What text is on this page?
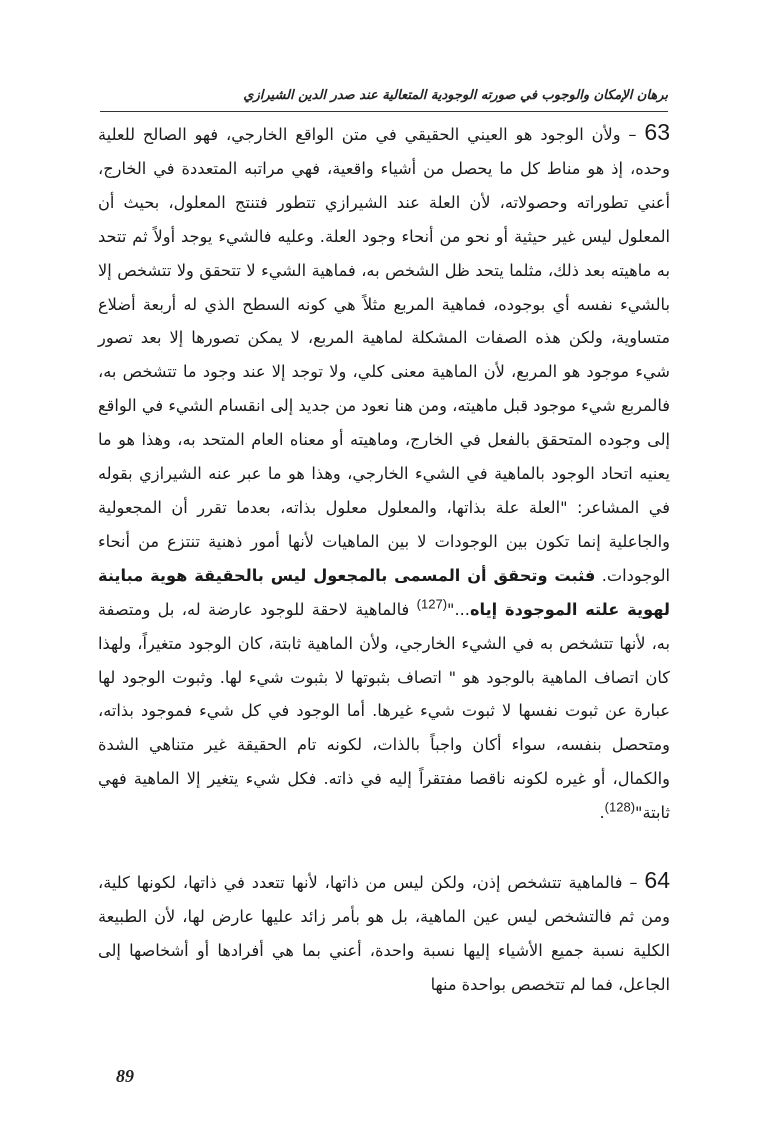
برهان الإمكان والوجوب في صورته الوجودية المتعالية عند صدر الدين الشيرازي

63 – ولأن الوجود هو العيني الحقيقي في متن الواقع الخارجي، فهو الصالح للعلية وحده، إذ هو مناط كل ما يحصل من أشياء واقعية، فهي مراتبه المتعددة في الخارج، أعني تطوراته وحصولاته، لأن العلة عند الشيرازي تتطور فتنتج المعلول، بحيث أن المعلول ليس غير حيثية أو نحو من أنحاء وجود العلة. وعليه فالشيء يوجد أولاً ثم تتحد به ماهيته بعد ذلك، مثلما يتحد ظل الشخص به، فماهية الشيء لا تتحقق ولا تتشخص إلا بالشيء نفسه أي بوجوده، فماهية المربع مثلاً هي كونه السطح الذي له أربعة أضلاع متساوية، ولكن هذه الصفات المشكلة لماهية المربع، لا يمكن تصورها إلا بعد تصور شيء موجود هو المربع، لأن الماهية معنى كلي، ولا توجد إلا عند وجود ما تتشخص به، فالمربع شيء موجود قبل ماهيته، ومن هنا نعود من جديد إلى انقسام الشيء في الواقع إلى وجوده المتحقق بالفعل في الخارج، وماهيته أو معناه العام المتحد به، وهذا هو ما يعنيه اتحاد الوجود بالماهية في الشيء الخارجي، وهذا هو ما عبر عنه الشيرازي بقوله في المشاعر: "العلة علة بذاتها، والمعلول معلول بذاته، بعدما تقرر أن المجعولية والجاعلية إنما تكون بين الوجودات لا بين الماهيات لأنها أمور ذهنية تنتزع من أنحاء الوجودات. فثبت وتحقق أن المسمى بالمجعول ليس بالحقيقة هوية مباينة لهوية علته الموجودة إياه..."$^{(127)}$ فالماهية لاحقة للوجود عارضة له، بل ومتصفة به، لأنها تتشخص به في الشيء الخارجي، ولأن الماهية ثابتة، كان الوجود متغيراً، ولهذا كان اتصاف الماهية بالوجود هو " اتصاف بثبوتها لا بثبوت شيء لها. وثبوت الوجود لها عبارة عن ثبوت نفسها لا ثبوت شيء غيرها. أما الوجود في كل شيء فموجود بذاته، ومتحصل بنفسه، سواء أكان واجباً بالذات، لكونه تام الحقيقة غير متناهي الشدة والكمال، أو غيره لكونه ناقصا مفتقراً إليه في ذاته. فكل شيء يتغير إلا الماهية فهي ثابتة"$^{(128)}$.

64 – فالماهية تتشخص إذن، ولكن ليس من ذاتها، لأنها تتعدد في ذاتها، لكونها كلية، ومن ثم فالتشخص ليس عين الماهية، بل هو بأمر زائد عليها عارض لها، لأن الطبيعة الكلية نسبة جميع الأشياء إليها نسبة واحدة، أعني بما هي أفرادها أو أشخاصها إلى الجاعل، فما لم تتخصص بواحدة منها

89
